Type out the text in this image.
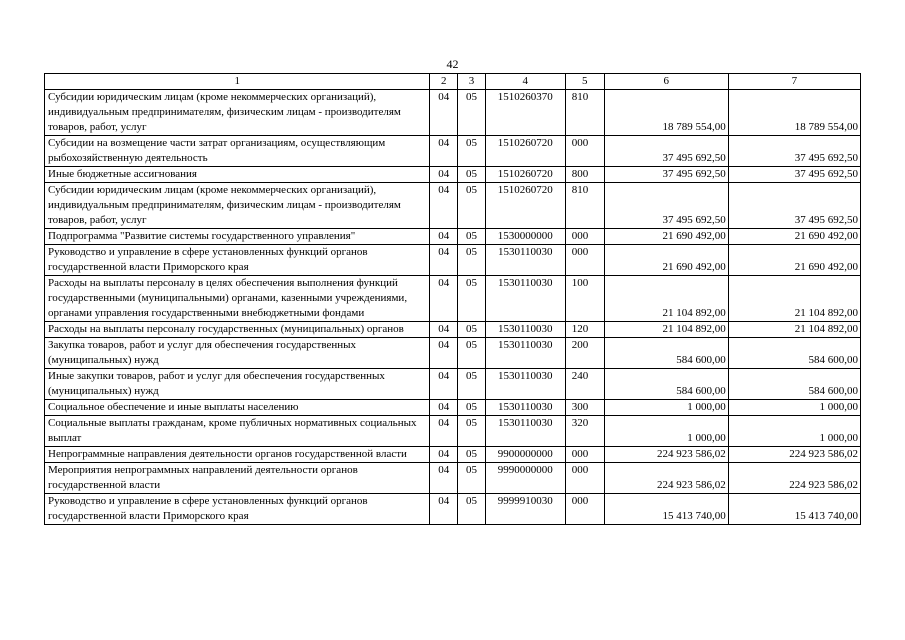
42
1	2	3	4	5	6	7
Субсидии юридическим лицам (кроме некоммерческих организаций), индивидуальным предпринимателям, физическим лицам - производителям товаров, работ, услуг	04	05	1510260370	810	18 789 554,00	18 789 554,00
Субсидии на возмещение части затрат организациям, осуществляющим рыбохозяйственную деятельность	04	05	1510260720	000	37 495 692,50	37 495 692,50
Иные бюджетные ассигнования	04	05	1510260720	800	37 495 692,50	37 495 692,50
Субсидии юридическим лицам (кроме некоммерческих организаций), индивидуальным предпринимателям, физическим лицам - производителям товаров, работ, услуг	04	05	1510260720	810	37 495 692,50	37 495 692,50
Подпрограмма "Развитие системы государственного управления"	04	05	1530000000	000	21 690 492,00	21 690 492,00
Руководство и управление в сфере установленных функций органов государственной власти Приморского края	04	05	1530110030	000	21 690 492,00	21 690 492,00
Расходы на выплаты персоналу в целях обеспечения выполнения функций государственными (муниципальными) органами, казенными учреждениями, органами управления государственными внебюджетными фондами	04	05	1530110030	100	21 104 892,00	21 104 892,00
Расходы на выплаты персоналу государственных (муниципальных) органов	04	05	1530110030	120	21 104 892,00	21 104 892,00
Закупка товаров, работ и услуг для обеспечения государственных (муниципальных) нужд	04	05	1530110030	200	584 600,00	584 600,00
Иные закупки товаров, работ и услуг для обеспечения государственных (муниципальных) нужд	04	05	1530110030	240	584 600,00	584 600,00
Социальное обеспечение и иные выплаты населению	04	05	1530110030	300	1 000,00	1 000,00
Социальные выплаты гражданам, кроме публичных нормативных социальных выплат	04	05	1530110030	320	1 000,00	1 000,00
Непрограммные направления деятельности органов государственной власти	04	05	9900000000	000	224 923 586,02	224 923 586,02
Мероприятия непрограммных направлений деятельности органов государственной власти	04	05	9990000000	000	224 923 586,02	224 923 586,02
Руководство и управление в сфере установленных функций органов государственной власти Приморского края	04	05	9999910030	000	15 413 740,00	15 413 740,00
